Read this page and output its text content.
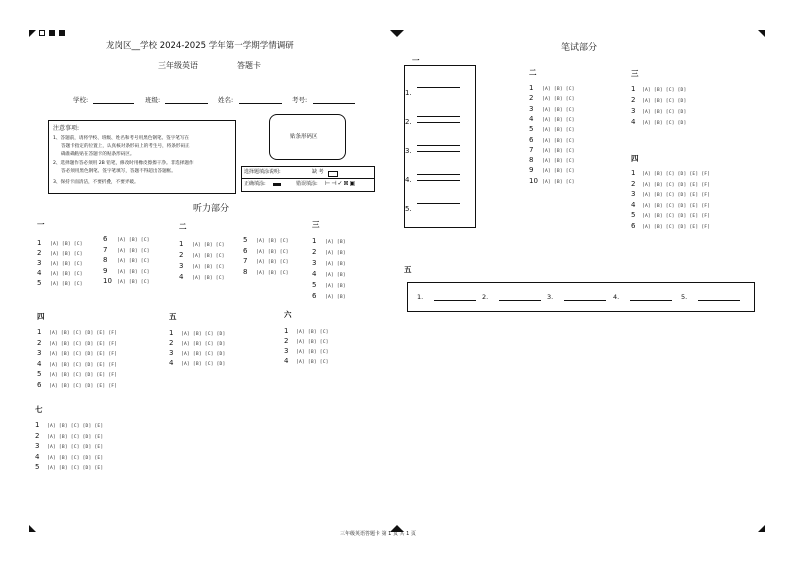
龙岗区__学校 2024-2025 学年第一学期学情调研
三年级英语	答题卡
学校:	班级:	姓名:	考号:
注意事项:
1、答题前，请将学校、班级、姓名和考号用黑色钢笔、签字笔写在
答题卡指定的位置上，认真核对条形码上的考生号，将条形码正
确准确粘贴在答题卡的贴条形码区。
2、选择题作答必须用 2B 铅笔，修改时用橡皮擦擦干净。非选择题作
答必须用黑色钢笔、签字笔填写，答题不得超出答题框。
3、保持卡面清洁，不要折叠，不要弄破。
贴条形码区
选择题填涂说明:	缺 考
正确填涂:	错误填涂: ⊢⊣✓⊠▣
听力部分
一
1 [A] [B] [C]
2 [A] [B] [C]
3 [A] [B] [C]
4 [A] [B] [C]
5 [A] [B] [C]
6 [A] [B] [C]
7 [A] [B] [C]
8 [A] [B] [C]
9 [A] [B] [C]
10 [A] [B] [C]
二
1 [A] [B] [C]
2 [A] [B] [C]
3 [A] [B] [C]
4 [A] [B] [C]
5 [A] [B] [C]
6 [A] [B] [C]
7 [A] [B] [C]
8 [A] [B] [C]
三
1 [A] [B]
2 [A] [B]
3 [A] [B]
4 [A] [B]
5 [A] [B]
6 [A] [B]
四
1 [A] [B] [C] [D] [E] [F]
2 [A] [B] [C] [D] [E] [F]
3 [A] [B] [C] [D] [E] [F]
4 [A] [B] [C] [D] [E] [F]
5 [A] [B] [C] [D] [E] [F]
6 [A] [B] [C] [D] [E] [F]
五
1 [A] [B] [C] [D]
2 [A] [B] [C] [D]
3 [A] [B] [C] [D]
4 [A] [B] [C] [D]
六
1 [A] [B] [C]
2 [A] [B] [C]
3 [A] [B] [C]
4 [A] [B] [C]
七
1 [A] [B] [C] [D] [E]
2 [A] [B] [C] [D] [E]
3 [A] [B] [C] [D] [E]
4 [A] [B] [C] [D] [E]
5 [A] [B] [C] [D] [E]
笔试部分
一
1.
2.
3.
4.
5.
二
1 [A] [B] [C]
2 [A] [B] [C]
3 [A] [B] [C]
4 [A] [B] [C]
5 [A] [B] [C]
6 [A] [B] [C]
7 [A] [B] [C]
8 [A] [B] [C]
9 [A] [B] [C]
10 [A] [B] [C]
三
1 [A] [B] [C] [D]
2 [A] [B] [C] [D]
3 [A] [B] [C] [D]
4 [A] [B] [C] [D]
四
1 [A] [B] [C] [D] [E] [F]
2 [A] [B] [C] [D] [E] [F]
3 [A] [B] [C] [D] [E] [F]
4 [A] [B] [C] [D] [E] [F]
5 [A] [B] [C] [D] [E] [F]
6 [A] [B] [C] [D] [E] [F]
五
1.	2.	3.	4.	5.
三年级英语答题卡 第 1 页 共 1 页
